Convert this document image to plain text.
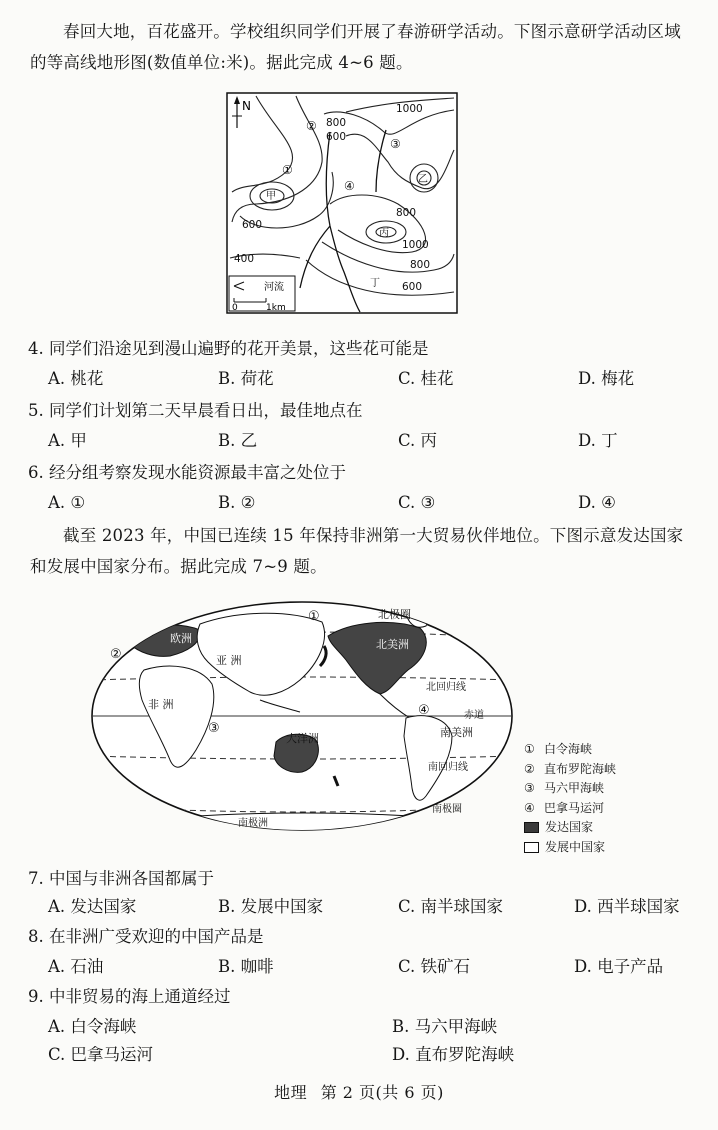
春回大地，百花盛开。学校组织同学们开展了春游研学活动。下图示意研学活动区域的等高线地形图(数值单位:米)。据此完成 4~6 题。

N	1000
800
600
600
800
1000
400	800
600
甲
乙
丙
丁
①
②
③
④
河流
0	1km

4. 同学们沿途见到漫山遍野的花开美景，这些花可能是

A. 桃花	B. 荷花	C. 桂花	D. 梅花

5. 同学们计划第二天早晨看日出，最佳地点在

A. 甲	B. 乙	C. 丙	D. 丁

6. 经分组考察发现水能资源最丰富之处位于

A. ①	B. ②	C. ③	D. ④

截至 2023 年，中国已连续 15 年保持非洲第一大贸易伙伴地位。下图示意发达国家和发展中国家分布。据此完成 7~9 题。

北极圈
北美洲
欧洲
亚 洲
非 洲
大洋洲	南美洲
北回归线
赤道
南回归线
南极圈
南极洲
①
②
③
④
① 白令海峡
② 直布罗陀海峡
③ 马六甲海峡
④ 巴拿马运河
发达国家
发展中国家

7. 中国与非洲各国都属于

A. 发达国家	B. 发展中国家	C. 南半球国家	D. 西半球国家

8. 在非洲广受欢迎的中国产品是

A. 石油	B. 咖啡	C. 铁矿石	D. 电子产品

9. 中非贸易的海上通道经过

A. 白令海峡	B. 马六甲海峡
C. 巴拿马运河	D. 直布罗陀海峡
地理 第 2 页(共 6 页)
